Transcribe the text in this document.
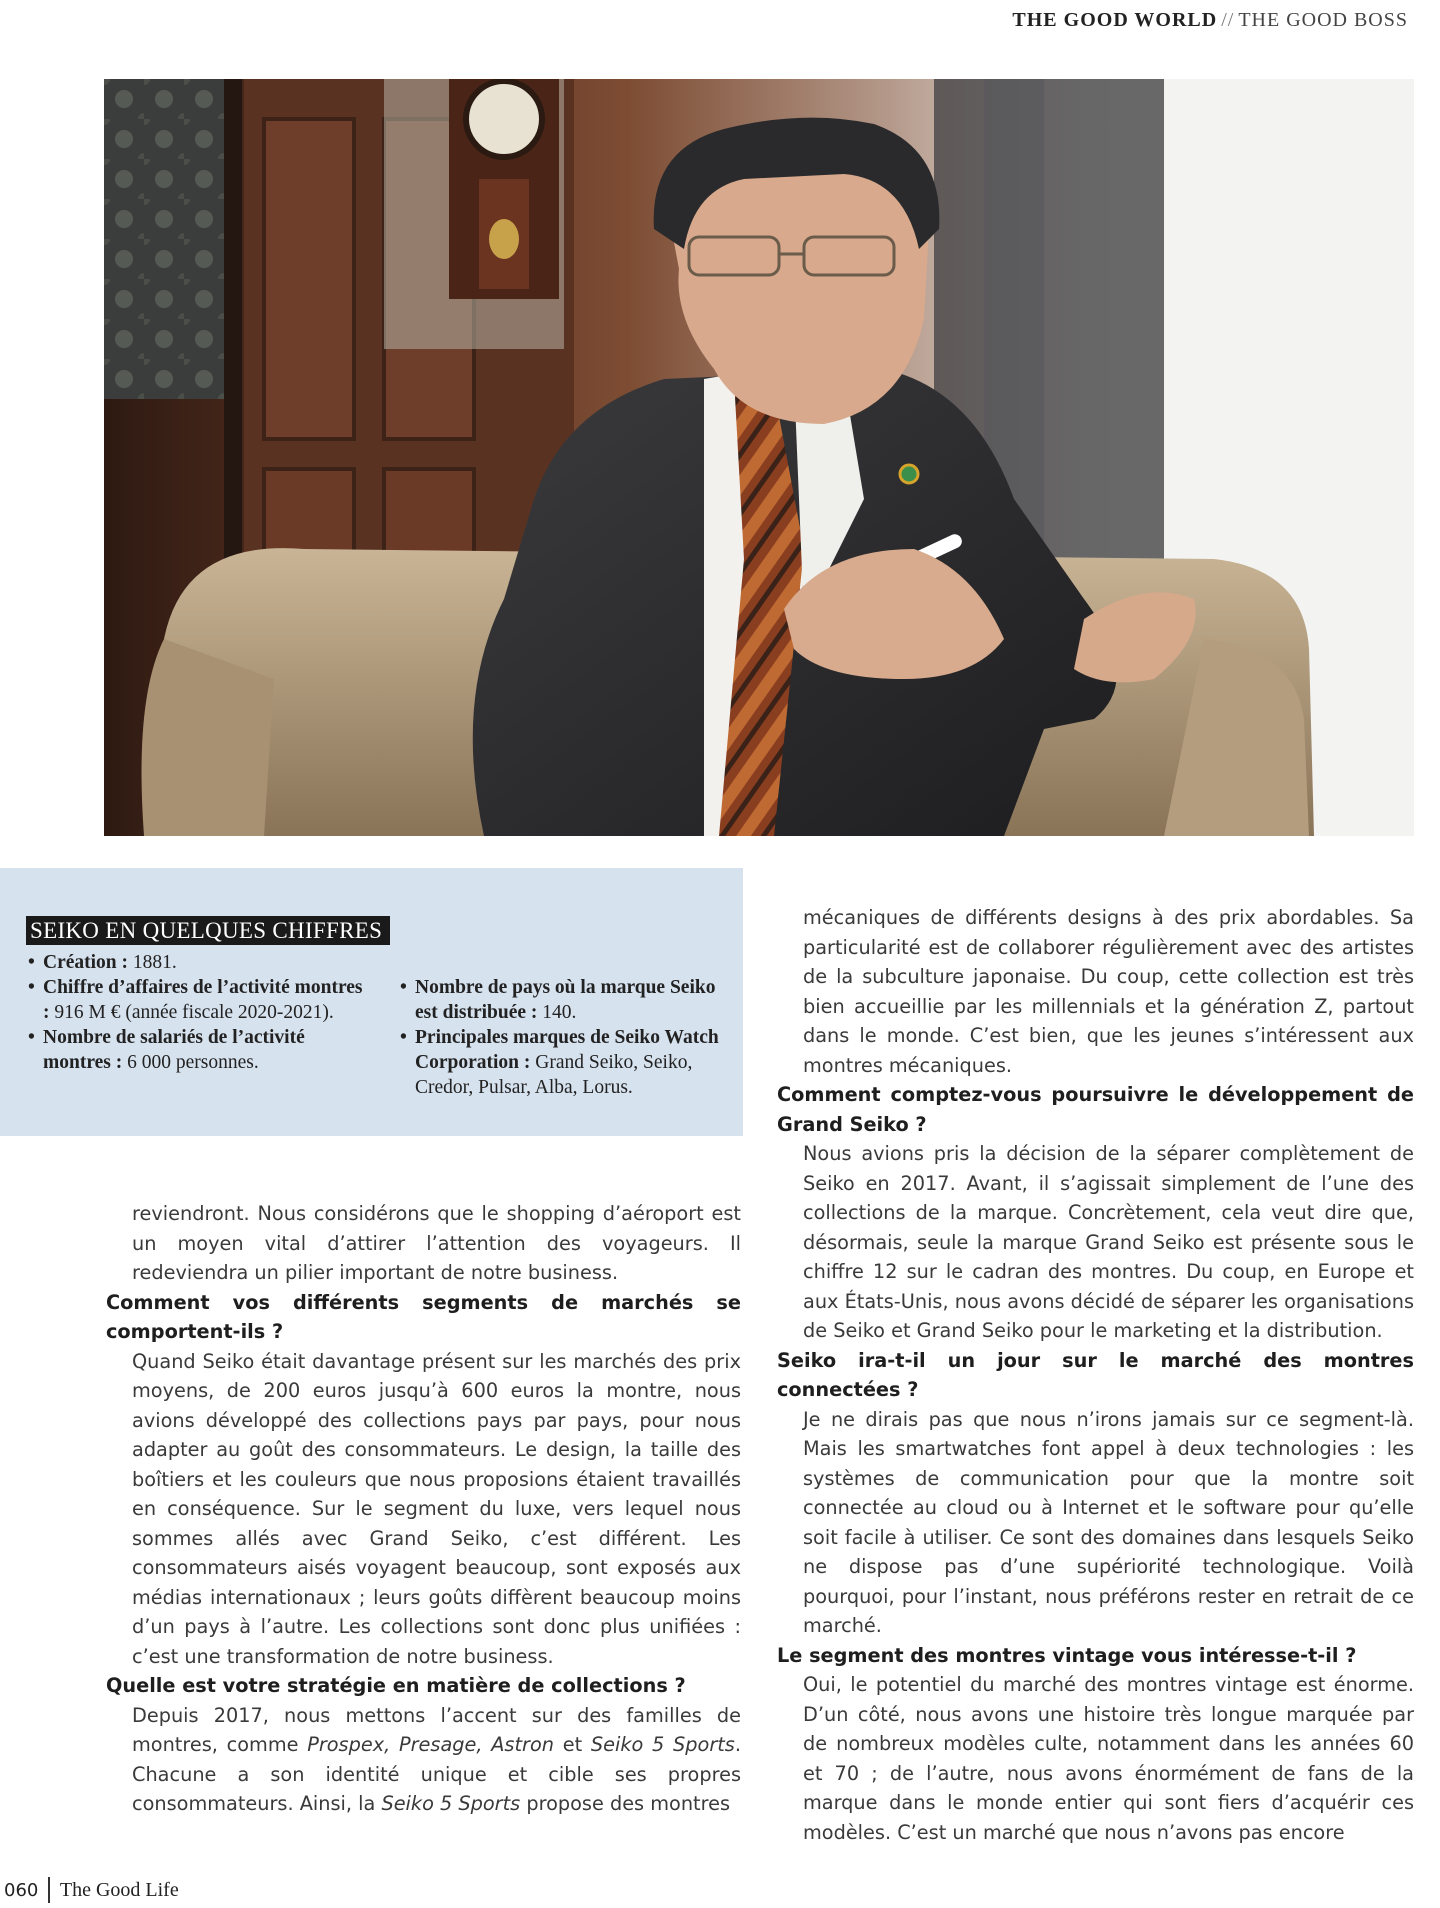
THE GOOD WORLD // THE GOOD BOSS
SEIKO EN QUELQUES CHIFFRES
• Création : 1881.
• Chiffre d’affaires de l’activité montres : 916 M € (année fiscale 2020-2021).
• Nombre de salariés de l’activité montres : 6 000 personnes.
• Nombre de pays où la marque Seiko est distribuée : 140.
• Principales marques de Seiko Watch Corporation : Grand Seiko, Seiko, Credor, Pulsar, Alba, Lorus.

reviendront. Nous considérons que le shopping d’aéroport est un moyen vital d’attirer l’attention des voyageurs. Il redeviendra un pilier important de notre business.

Comment vos différents segments de marchés se comportent-ils ?

Quand Seiko était davantage présent sur les marchés des prix moyens, de 200 euros jusqu’à 600 euros la montre, nous avions développé des collections pays par pays, pour nous adapter au goût des consommateurs. Le design, la taille des boîtiers et les couleurs que nous proposions étaient travaillés en conséquence. Sur le segment du luxe, vers lequel nous sommes allés avec Grand Seiko, c’est différent. Les consommateurs aisés voyagent beaucoup, sont exposés aux médias internationaux ; leurs goûts diffèrent beaucoup moins d’un pays à l’autre. Les collections sont donc plus unifiées : c’est une transformation de notre business.

Quelle est votre stratégie en matière de collections ?

Depuis 2017, nous mettons l’accent sur des familles de montres, comme Prospex, Presage, Astron et Seiko 5 Sports. Chacune a son identité unique et cible ses propres consommateurs. Ainsi, la Seiko 5 Sports propose des montres

mécaniques de différents designs à des prix abordables. Sa particularité est de collaborer régulièrement avec des artistes de la subculture japonaise. Du coup, cette collection est très bien accueillie par les millennials et la génération Z, partout dans le monde. C’est bien, que les jeunes s’intéressent aux montres mécaniques.

Comment comptez-vous poursuivre le développement de Grand Seiko ?

Nous avions pris la décision de la séparer complètement de Seiko en 2017. Avant, il s’agissait simplement de l’une des collections de la marque. Concrètement, cela veut dire que, désormais, seule la marque Grand Seiko est présente sous le chiffre 12 sur le cadran des montres. Du coup, en Europe et aux États-Unis, nous avons décidé de séparer les organisations de Seiko et Grand Seiko pour le marketing et la distribution.

Seiko ira-t-il un jour sur le marché des montres connectées ?

Je ne dirais pas que nous n’irons jamais sur ce segment-là. Mais les smartwatches font appel à deux technologies : les systèmes de communication pour que la montre soit connectée au cloud ou à Internet et le software pour qu’elle soit facile à utiliser. Ce sont des domaines dans lesquels Seiko ne dispose pas d’une supériorité technologique. Voilà pourquoi, pour l’instant, nous préférons rester en retrait de ce marché.

Le segment des montres vintage vous intéresse-t-il ?

Oui, le potentiel du marché des montres vintage est énorme. D’un côté, nous avons une histoire très longue marquée par de nombreux modèles culte, notamment dans les années 60 et 70 ; de l’autre, nous avons énormément de fans de la marque dans le monde entier qui sont fiers d’acquérir ces modèles. C’est un marché que nous n’avons pas encore

060	The Good Life
